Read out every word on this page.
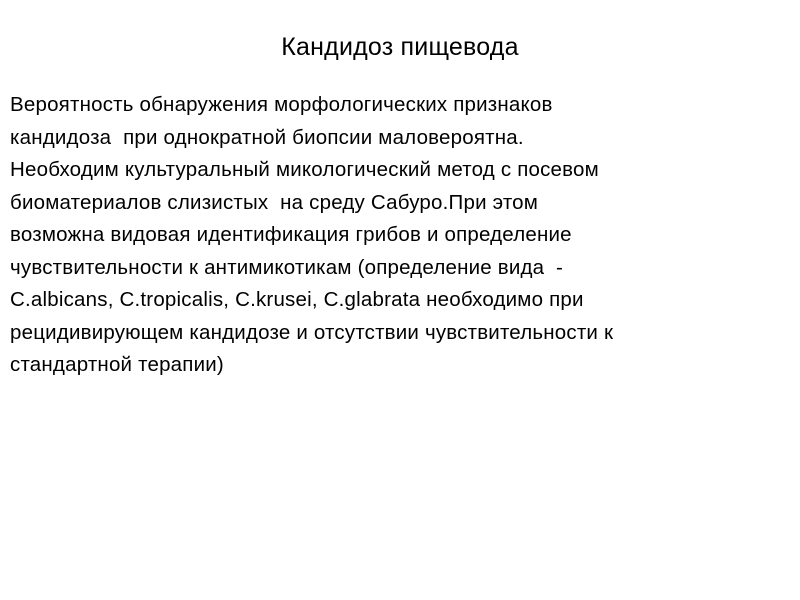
Кандидоз пищевода
Вероятность обнаружения морфологических признаков
кандидоза  при однократной биопсии маловероятна.
Необходим культуральный микологический метод с посевом
биоматериалов слизистых  на среду Сабуро.При этом
возможна видовая идентификация грибов и определение
чувствительности к антимикотикам (определение вида  -
C.albicans, C.tropicalis, C.krusei, C.glabrata необходимо при
рецидивирующем кандидозе и отсутствии чувствительности к
стандартной терапии)
